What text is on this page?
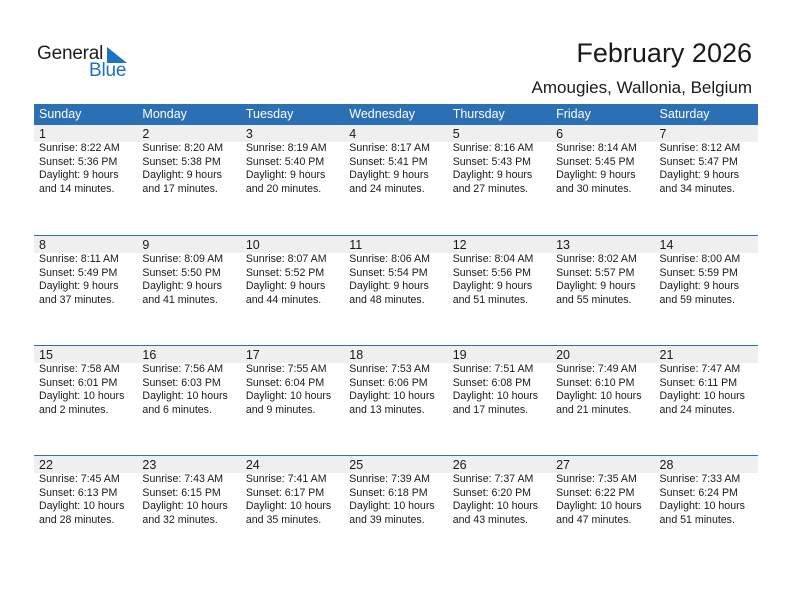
General
Blue
February 2026
Amougies, Wallonia, Belgium
Sunday	Monday	Tuesday	Wednesday	Thursday	Friday	Saturday
1	2	3	4	5	6	7
Sunrise: 8:22 AM
Sunset: 5:36 PM
Daylight: 9 hours
and 14 minutes.
Sunrise: 8:20 AM
Sunset: 5:38 PM
Daylight: 9 hours
and 17 minutes.
Sunrise: 8:19 AM
Sunset: 5:40 PM
Daylight: 9 hours
and 20 minutes.
Sunrise: 8:17 AM
Sunset: 5:41 PM
Daylight: 9 hours
and 24 minutes.
Sunrise: 8:16 AM
Sunset: 5:43 PM
Daylight: 9 hours
and 27 minutes.
Sunrise: 8:14 AM
Sunset: 5:45 PM
Daylight: 9 hours
and 30 minutes.
Sunrise: 8:12 AM
Sunset: 5:47 PM
Daylight: 9 hours
and 34 minutes.
8	9	10	11	12	13	14
Sunrise: 8:11 AM
Sunset: 5:49 PM
Daylight: 9 hours
and 37 minutes.
Sunrise: 8:09 AM
Sunset: 5:50 PM
Daylight: 9 hours
and 41 minutes.
Sunrise: 8:07 AM
Sunset: 5:52 PM
Daylight: 9 hours
and 44 minutes.
Sunrise: 8:06 AM
Sunset: 5:54 PM
Daylight: 9 hours
and 48 minutes.
Sunrise: 8:04 AM
Sunset: 5:56 PM
Daylight: 9 hours
and 51 minutes.
Sunrise: 8:02 AM
Sunset: 5:57 PM
Daylight: 9 hours
and 55 minutes.
Sunrise: 8:00 AM
Sunset: 5:59 PM
Daylight: 9 hours
and 59 minutes.
15	16	17	18	19	20	21
Sunrise: 7:58 AM
Sunset: 6:01 PM
Daylight: 10 hours
and 2 minutes.
Sunrise: 7:56 AM
Sunset: 6:03 PM
Daylight: 10 hours
and 6 minutes.
Sunrise: 7:55 AM
Sunset: 6:04 PM
Daylight: 10 hours
and 9 minutes.
Sunrise: 7:53 AM
Sunset: 6:06 PM
Daylight: 10 hours
and 13 minutes.
Sunrise: 7:51 AM
Sunset: 6:08 PM
Daylight: 10 hours
and 17 minutes.
Sunrise: 7:49 AM
Sunset: 6:10 PM
Daylight: 10 hours
and 21 minutes.
Sunrise: 7:47 AM
Sunset: 6:11 PM
Daylight: 10 hours
and 24 minutes.
22	23	24	25	26	27	28
Sunrise: 7:45 AM
Sunset: 6:13 PM
Daylight: 10 hours
and 28 minutes.
Sunrise: 7:43 AM
Sunset: 6:15 PM
Daylight: 10 hours
and 32 minutes.
Sunrise: 7:41 AM
Sunset: 6:17 PM
Daylight: 10 hours
and 35 minutes.
Sunrise: 7:39 AM
Sunset: 6:18 PM
Daylight: 10 hours
and 39 minutes.
Sunrise: 7:37 AM
Sunset: 6:20 PM
Daylight: 10 hours
and 43 minutes.
Sunrise: 7:35 AM
Sunset: 6:22 PM
Daylight: 10 hours
and 47 minutes.
Sunrise: 7:33 AM
Sunset: 6:24 PM
Daylight: 10 hours
and 51 minutes.
